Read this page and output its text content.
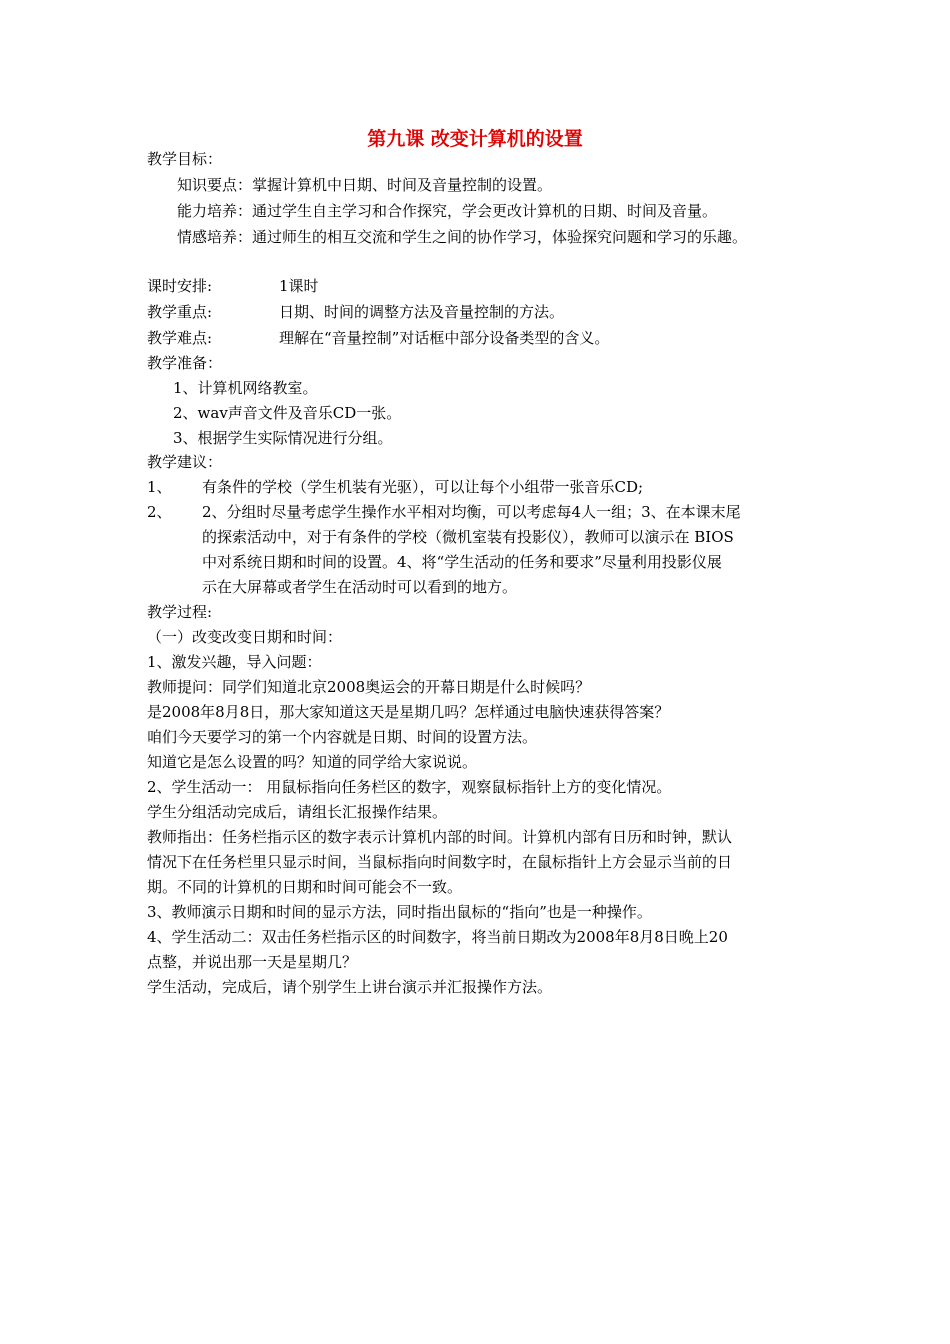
第九课 改变计算机的设置
教学目标：
知识要点：掌握计算机中日期、时间及音量控制的设置。
能力培养：通过学生自主学习和合作探究，学会更改计算机的日期、时间及音量。
情感培养：通过师生的相互交流和学生之间的协作学习，体验探究问题和学习的乐趣。
课时安排:	1课时
教学重点:	日期、时间的调整方法及音量控制的方法。
教学难点:	理解在“音量控制”对话框中部分设备类型的含义。
教学准备：
1、计算机网络教室。
2、wav声音文件及音乐CD一张。
3、根据学生实际情况进行分组。
教学建议：
1、 有条件的学校（学生机装有光驱），可以让每个小组带一张音乐CD;
2、 2、分组时尽量考虑学生操作水平相对均衡，可以考虑每4人一组；3、在本课末尾
的探索活动中，对于有条件的学校（微机室装有投影仪），教师可以演示在 BIOS
中对系统日期和时间的设置。4、将“学生活动的任务和要求”尽量利用投影仪展
示在大屏幕或者学生在活动时可以看到的地方。
教学过程:
（一）改变改变日期和时间：
1、激发兴趣，导入问题：
教师提问：同学们知道北京2008奥运会的开幕日期是什么时候吗？
是2008年8月8日，那大家知道这天是星期几吗？怎样通过电脑快速获得答案？
咱们今天要学习的第一个内容就是日期、时间的设置方法。
知道它是怎么设置的吗？知道的同学给大家说说。
2、学生活动一： 用鼠标指向任务栏区的数字，观察鼠标指针上方的变化情况。
学生分组活动完成后，请组长汇报操作结果。
教师指出：任务栏指示区的数字表示计算机内部的时间。计算机内部有日历和时钟，默认
情况下在任务栏里只显示时间，当鼠标指向时间数字时，在鼠标指针上方会显示当前的日
期。不同的计算机的日期和时间可能会不一致。
3、教师演示日期和时间的显示方法，同时指出鼠标的“指向”也是一种操作。
4、学生活动二：双击任务栏指示区的时间数字，将当前日期改为2008年8月8日晚上20
点整，并说出那一天是星期几？
学生活动，完成后，请个别学生上讲台演示并汇报操作方法。
